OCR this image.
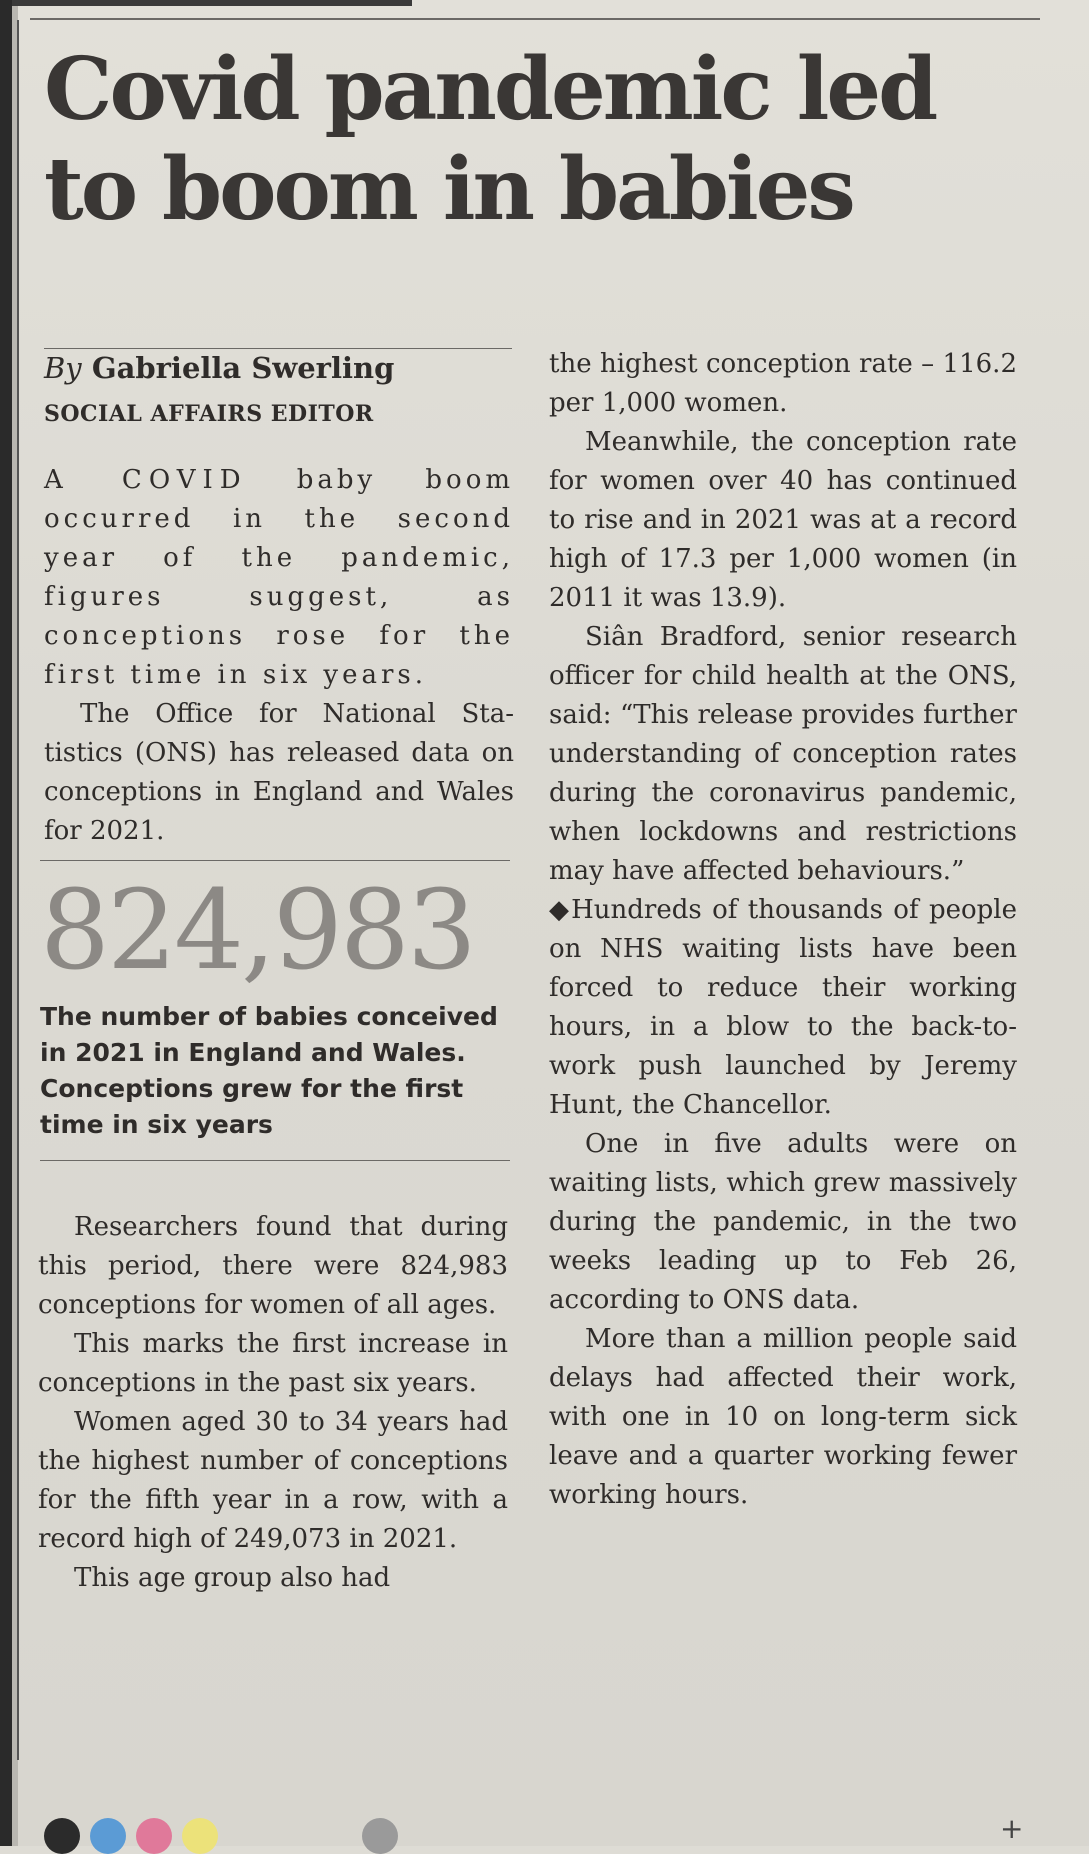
Covid pandemic led to boom in babies
By Gabriella Swerling
SOCIAL AFFAIRS EDITOR

A COVID baby boom occurred in the second year of the pandemic, figures suggest, as conceptions rose for the first time in six years.

The Office for National Statistics (ONS) has released data on conceptions in England and Wales for 2021.

824,983
The number of babies conceived in 2021 in England and Wales. Conceptions grew for the first time in six years

Researchers found that during this period, there were 824,983 conceptions for women of all ages.

This marks the first increase in conceptions in the past six years.

Women aged 30 to 34 years had the highest number of conceptions for the fifth year in a row, with a record high of 249,073 in 2021.

This age group also had

the highest conception rate – 116.2 per 1,000 women.

Meanwhile, the conception rate for women over 40 has continued to rise and in 2021 was at a record high of 17.3 per 1,000 women (in 2011 it was 13.9).

Siân Bradford, senior research officer for child health at the ONS, said: “This release provides further understanding of conception rates during the coronavirus pandemic, when lockdowns and restrictions may have affected behaviours.”

◆Hundreds of thousands of people on NHS waiting lists have been forced to reduce their working hours, in a blow to the back-to-work push launched by Jeremy Hunt, the Chancellor.

One in five adults were on waiting lists, which grew massively during the pandemic, in the two weeks leading up to Feb 26, according to ONS data.

More than a million people said delays had affected their work, with one in 10 on long-term sick leave and a quarter working fewer working hours.

+
